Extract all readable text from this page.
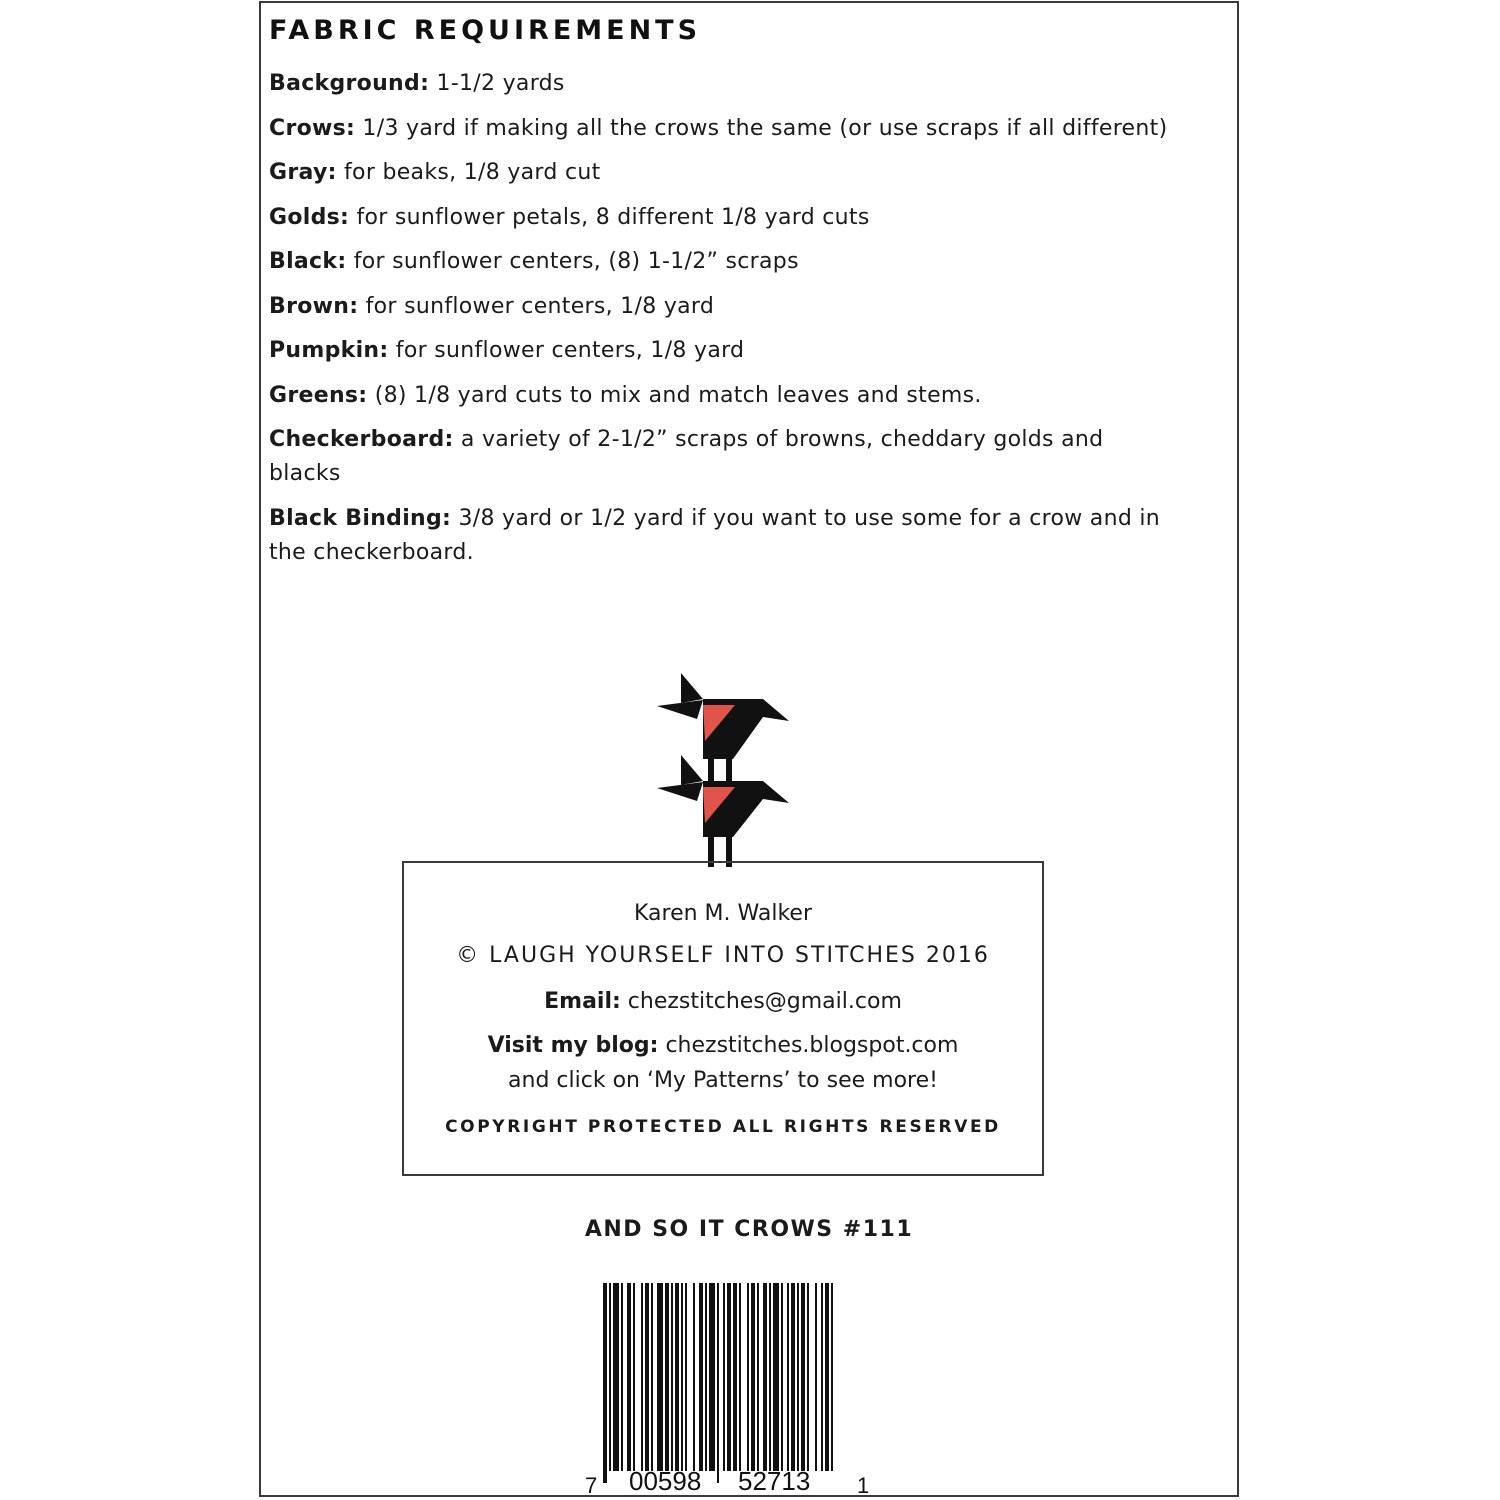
FABRIC REQUIREMENTS
Background: 1-1/2 yards
Crows: 1/3 yard if making all the crows the same (or use scraps if all different)
Gray: for beaks, 1/8 yard cut
Golds: for sunflower petals, 8 different 1/8 yard cuts
Black: for sunflower centers, (8) 1-1/2” scraps
Brown: for sunflower centers, 1/8 yard
Pumpkin: for sunflower centers, 1/8 yard
Greens: (8) 1/8 yard cuts to mix and match leaves and stems.
Checkerboard: a variety of 2-1/2” scraps of browns, cheddary golds and blacks
Black Binding: 3/8 yard or 1/2 yard if you want to use some for a crow and in the checkerboard.
Karen M. Walker
© LAUGH YOURSELF INTO STITCHES 2016
Email: chezstitches@gmail.com
Visit my blog: chezstitches.blogspot.com
and click on ‘My Patterns’ to see more!
COPYRIGHT PROTECTED ALL RIGHTS RESERVED
AND SO IT CROWS #111
7 00598 52713 1
